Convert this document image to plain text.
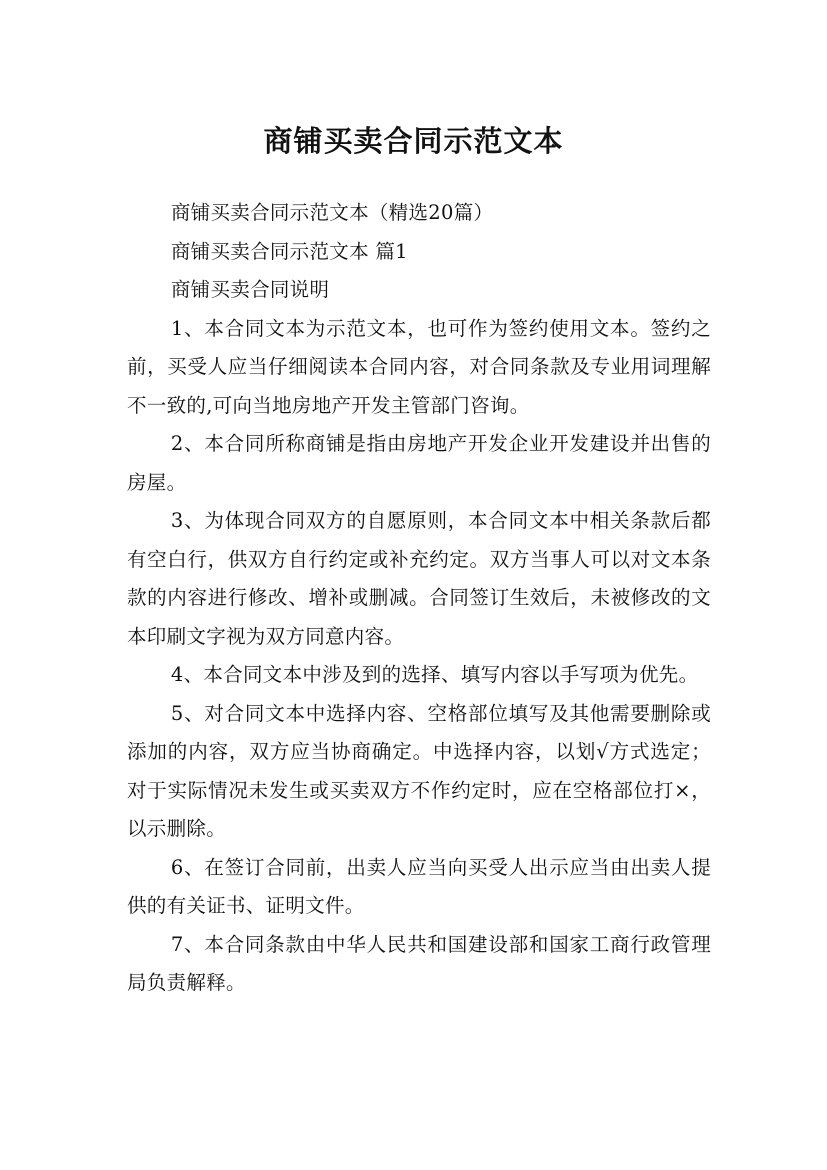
商铺买卖合同示范文本

商铺买卖合同示范文本（精选20篇）

商铺买卖合同示范文本 篇1

商铺买卖合同说明

1、本合同文本为示范文本，也可作为签约使用文本。签约之前，买受人应当仔细阅读本合同内容，对合同条款及专业用词理解不一致的,可向当地房地产开发主管部门咨询。

2、本合同所称商铺是指由房地产开发企业开发建设并出售的房屋。

3、为体现合同双方的自愿原则，本合同文本中相关条款后都有空白行，供双方自行约定或补充约定。双方当事人可以对文本条款的内容进行修改、增补或删减。合同签订生效后，未被修改的文本印刷文字视为双方同意内容。

4、本合同文本中涉及到的选择、填写内容以手写项为优先。

5、对合同文本中选择内容、空格部位填写及其他需要删除或添加的内容，双方应当协商确定。中选择内容，以划√方式选定；对于实际情况未发生或买卖双方不作约定时，应在空格部位打×，以示删除。

6、在签订合同前，出卖人应当向买受人出示应当由出卖人提供的有关证书、证明文件。

7、本合同条款由中华人民共和国建设部和国家工商行政管理局负责解释。
